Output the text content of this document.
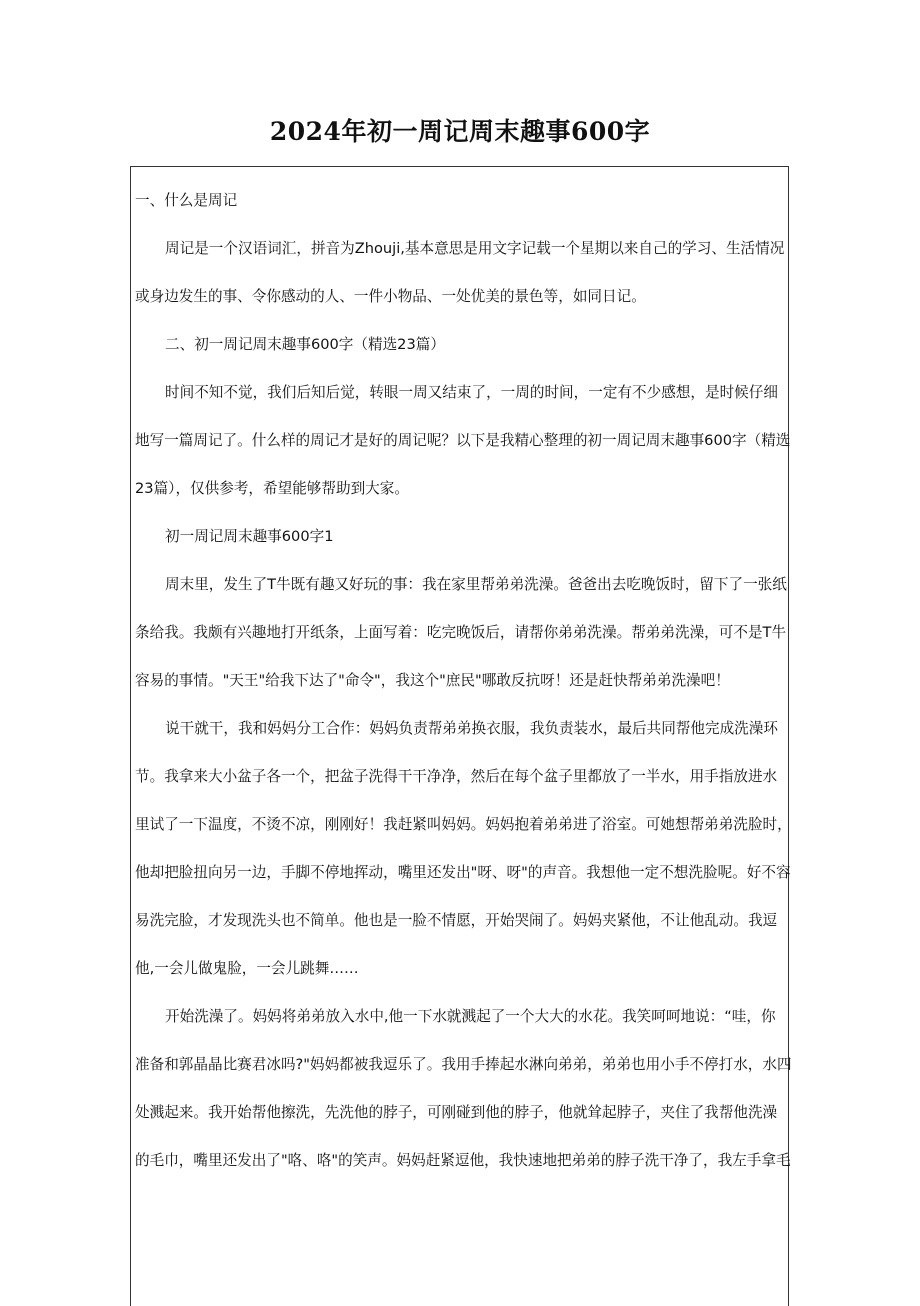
2024年初一周记周末趣事600字

一、什么是周记

周记是一个汉语词汇，拼音为Zhouji,基本意思是用文字记载一个星期以来自己的学习、生活情况
或身边发生的事、令你感动的人、一件小物品、一处优美的景色等，如同日记。

二、初一周记周末趣事600字（精选23篇）

时间不知不觉，我们后知后觉，转眼一周又结束了，一周的时间，一定有不少感想，是时候仔细
地写一篇周记了。什么样的周记才是好的周记呢？以下是我精心整理的初一周记周末趣事600字（精选
23篇），仅供参考，希望能够帮助到大家。

初一周记周末趣事600字1

周末里，发生了T牛既有趣又好玩的事：我在家里帮弟弟洗澡。爸爸出去吃晚饭时，留下了一张纸
条给我。我颇有兴趣地打开纸条，上面写着：吃完晚饭后，请帮你弟弟洗澡。帮弟弟洗澡，可不是T牛
容易的事情。"天王"给我下达了"命令"，我这个"庶民"哪敢反抗呀！还是赶快帮弟弟洗澡吧！

说干就干，我和妈妈分工合作：妈妈负责帮弟弟换衣服，我负责装水，最后共同帮他完成洗澡环
节。我拿来大小盆子各一个，把盆子洗得干干净净，然后在每个盆子里都放了一半水，用手指放进水
里试了一下温度，不烫不凉，刚刚好！我赶紧叫妈妈。妈妈抱着弟弟进了浴室。可她想帮弟弟洗脸时，
他却把脸扭向另一边，手脚不停地挥动，嘴里还发出"呀、呀"的声音。我想他一定不想洗脸呢。好不容
易洗完脸，才发现洗头也不简单。他也是一脸不情愿，开始哭闹了。妈妈夹紧他，不让他乱动。我逗
他,一会儿做鬼脸，一会儿跳舞……

开始洗澡了。妈妈将弟弟放入水中,他一下水就溅起了一个大大的水花。我笑呵呵地说：“哇，你
准备和郭晶晶比赛君冰吗?"妈妈都被我逗乐了。我用手捧起水淋向弟弟，弟弟也用小手不停打水，水四
处溅起来。我开始帮他擦洗，先洗他的脖子，可刚碰到他的脖子，他就耸起脖子，夹住了我帮他洗澡
的毛巾，嘴里还发出了"咯、咯"的笑声。妈妈赶紧逗他，我快速地把弟弟的脖子洗干净了，我左手拿毛
